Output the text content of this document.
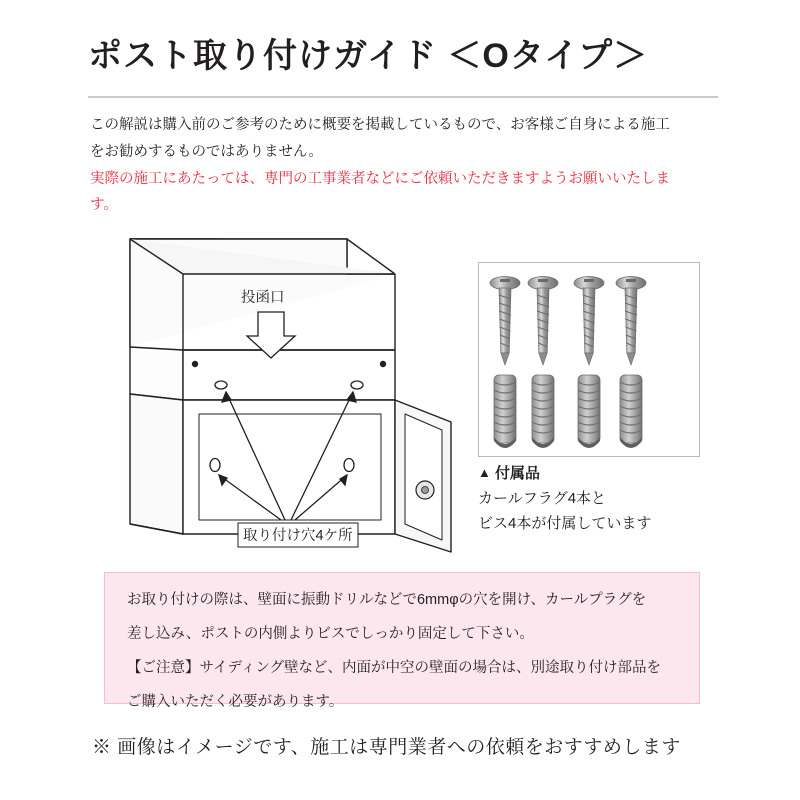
ポスト取り付けガイド ＜Oタイプ＞
この解説は購入前のご参考のために概要を掲載しているもので、お客様ご自身による施工
をお勧めするものではありません。
実際の施工にあたっては、専門の工事業者などにご依頼いただきますようお願いいたしま
す。
取り付け穴4ケ所
投函口
▲ 付属品
カールフラグ4本と
ビス4本が付属しています

お取り付けの際は、壁面に振動ドリルなどで6mmφの穴を開け、カールプラグを

差し込み、ポストの内側よりビスでしっかり固定して下さい。

【ご注意】サイディング壁など、内面が中空の壁面の場合は、別途取り付け部品を

ご購入いただく必要があります。

※ 画像はイメージです、施工は専門業者への依頼をおすすめします
